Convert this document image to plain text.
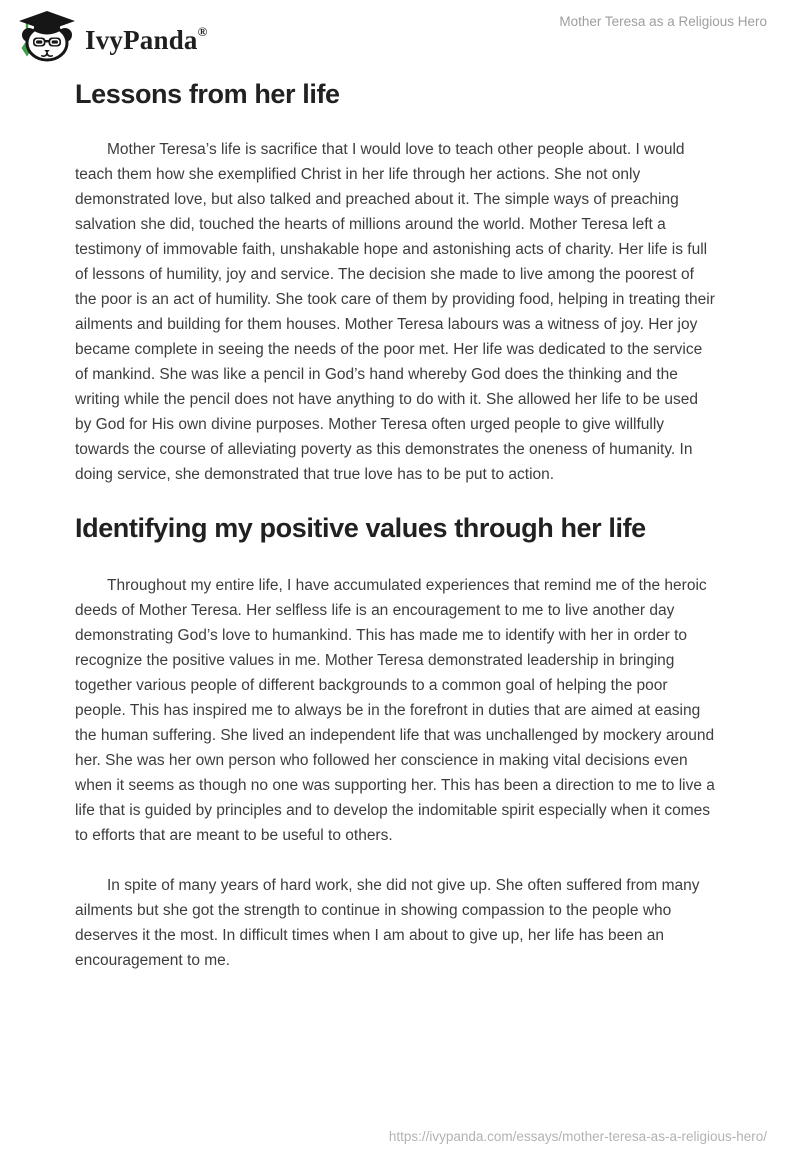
IvyPanda®
Mother Teresa as a Religious Hero
Lessons from her life

Mother Teresa’s life is sacrifice that I would love to teach other people about. I would teach them how she exemplified Christ in her life through her actions. She not only demonstrated love, but also talked and preached about it. The simple ways of preaching salvation she did, touched the hearts of millions around the world. Mother Teresa left a testimony of immovable faith, unshakable hope and astonishing acts of charity. Her life is full of lessons of humility, joy and service. The decision she made to live among the poorest of the poor is an act of humility. She took care of them by providing food, helping in treating their ailments and building for them houses. Mother Teresa labours was a witness of joy. Her joy became complete in seeing the needs of the poor met. Her life was dedicated to the service of mankind. She was like a pencil in God’s hand whereby God does the thinking and the writing while the pencil does not have anything to do with it. She allowed her life to be used by God for His own divine purposes. Mother Teresa often urged people to give willfully towards the course of alleviating poverty as this demonstrates the oneness of humanity. In doing service, she demonstrated that true love has to be put to action.

Identifying my positive values through her life

Throughout my entire life, I have accumulated experiences that remind me of the heroic deeds of Mother Teresa. Her selfless life is an encouragement to me to live another day demonstrating God’s love to humankind. This has made me to identify with her in order to recognize the positive values in me. Mother Teresa demonstrated leadership in bringing together various people of different backgrounds to a common goal of helping the poor people. This has inspired me to always be in the forefront in duties that are aimed at easing the human suffering. She lived an independent life that was unchallenged by mockery around her. She was her own person who followed her conscience in making vital decisions even when it seems as though no one was supporting her. This has been a direction to me to live a life that is guided by principles and to develop the indomitable spirit especially when it comes to efforts that are meant to be useful to others.

In spite of many years of hard work, she did not give up. She often suffered from many ailments but she got the strength to continue in showing compassion to the people who deserves it the most. In difficult times when I am about to give up, her life has been an encouragement to me.

https://ivypanda.com/essays/mother-teresa-as-a-religious-hero/
